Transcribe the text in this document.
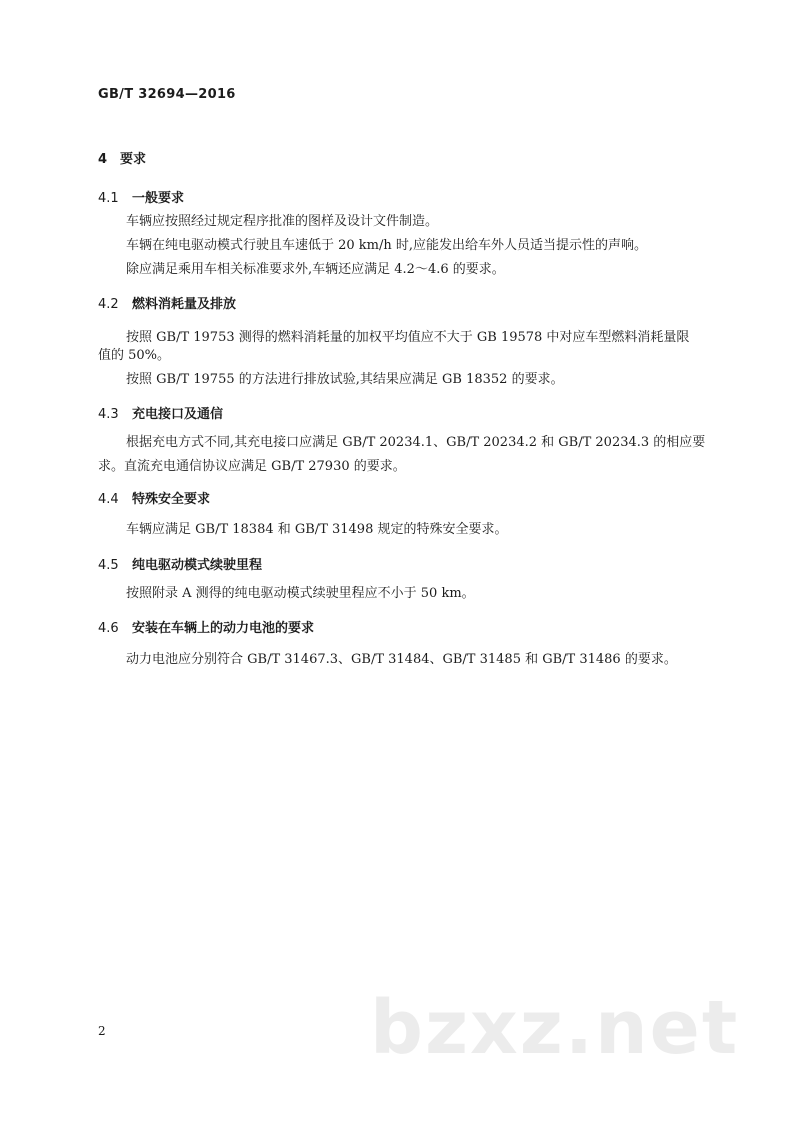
GB/T 32694—2016
4 要求
4.1 一般要求
车辆应按照经过规定程序批准的图样及设计文件制造。
车辆在纯电驱动模式行驶且车速低于 20 km/h 时,应能发出给车外人员适当提示性的声响。
除应满足乘用车相关标准要求外,车辆还应满足 4.2～4.6 的要求。
4.2 燃料消耗量及排放
按照 GB/T 19753 测得的燃料消耗量的加权平均值应不大于 GB 19578 中对应车型燃料消耗量限
值的 50%。
按照 GB/T 19755 的方法进行排放试验,其结果应满足 GB 18352 的要求。
4.3 充电接口及通信
根据充电方式不同,其充电接口应满足 GB/T 20234.1、GB/T 20234.2 和 GB/T 20234.3 的相应要
求。直流充电通信协议应满足 GB/T 27930 的要求。
4.4 特殊安全要求
车辆应满足 GB/T 18384 和 GB/T 31498 规定的特殊安全要求。
4.5 纯电驱动模式续驶里程
按照附录 A 测得的纯电驱动模式续驶里程应不小于 50 km。
4.6 安装在车辆上的动力电池的要求
动力电池应分别符合 GB/T 31467.3、GB/T 31484、GB/T 31485 和 GB/T 31486 的要求。
bzxz.net
2
